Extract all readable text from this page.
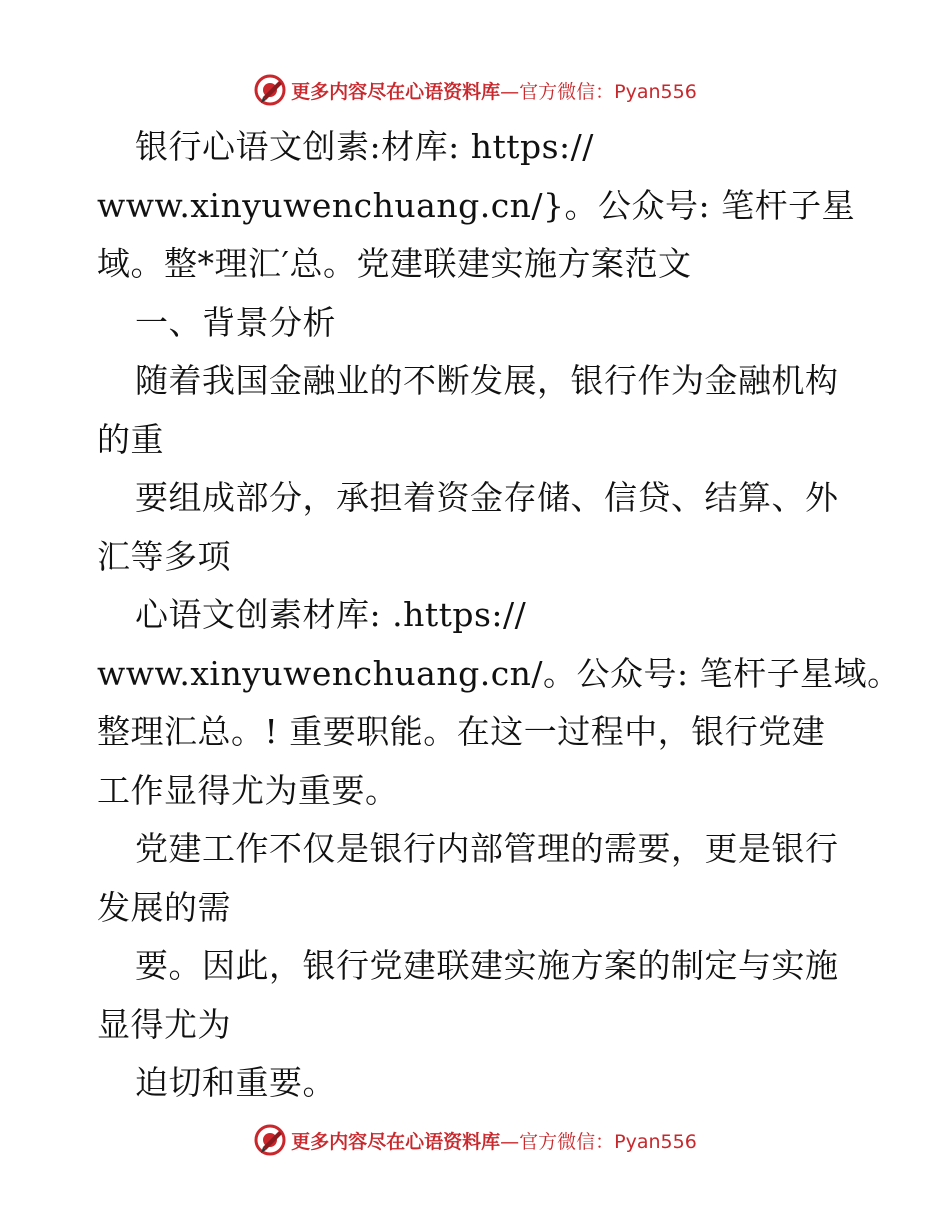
更多内容尽在心语资料库 —官方微信：Pyan556
银行心语文创素:材库: https://
www.xinyuwenchuang.cn/}。公众号: 笔杆子星
域。整*理汇′总。党建联建实施方案范文
一、背景分析
随着我国金融业的不断发展，银行作为金融机构
的重
要组成部分，承担着资金存储、信贷、结算、外
汇等多项
心语文创素材库: .https://
www.xinyuwenchuang.cn/。公众号: 笔杆子星域。
整理汇总。! 重要职能。在这一过程中，银行党建
工作显得尤为重要。
党建工作不仅是银行内部管理的需要，更是银行
发展的需
要。因此，银行党建联建实施方案的制定与实施
显得尤为
迫切和重要。
更多内容尽在心语资料库 —官方微信：Pyan556
